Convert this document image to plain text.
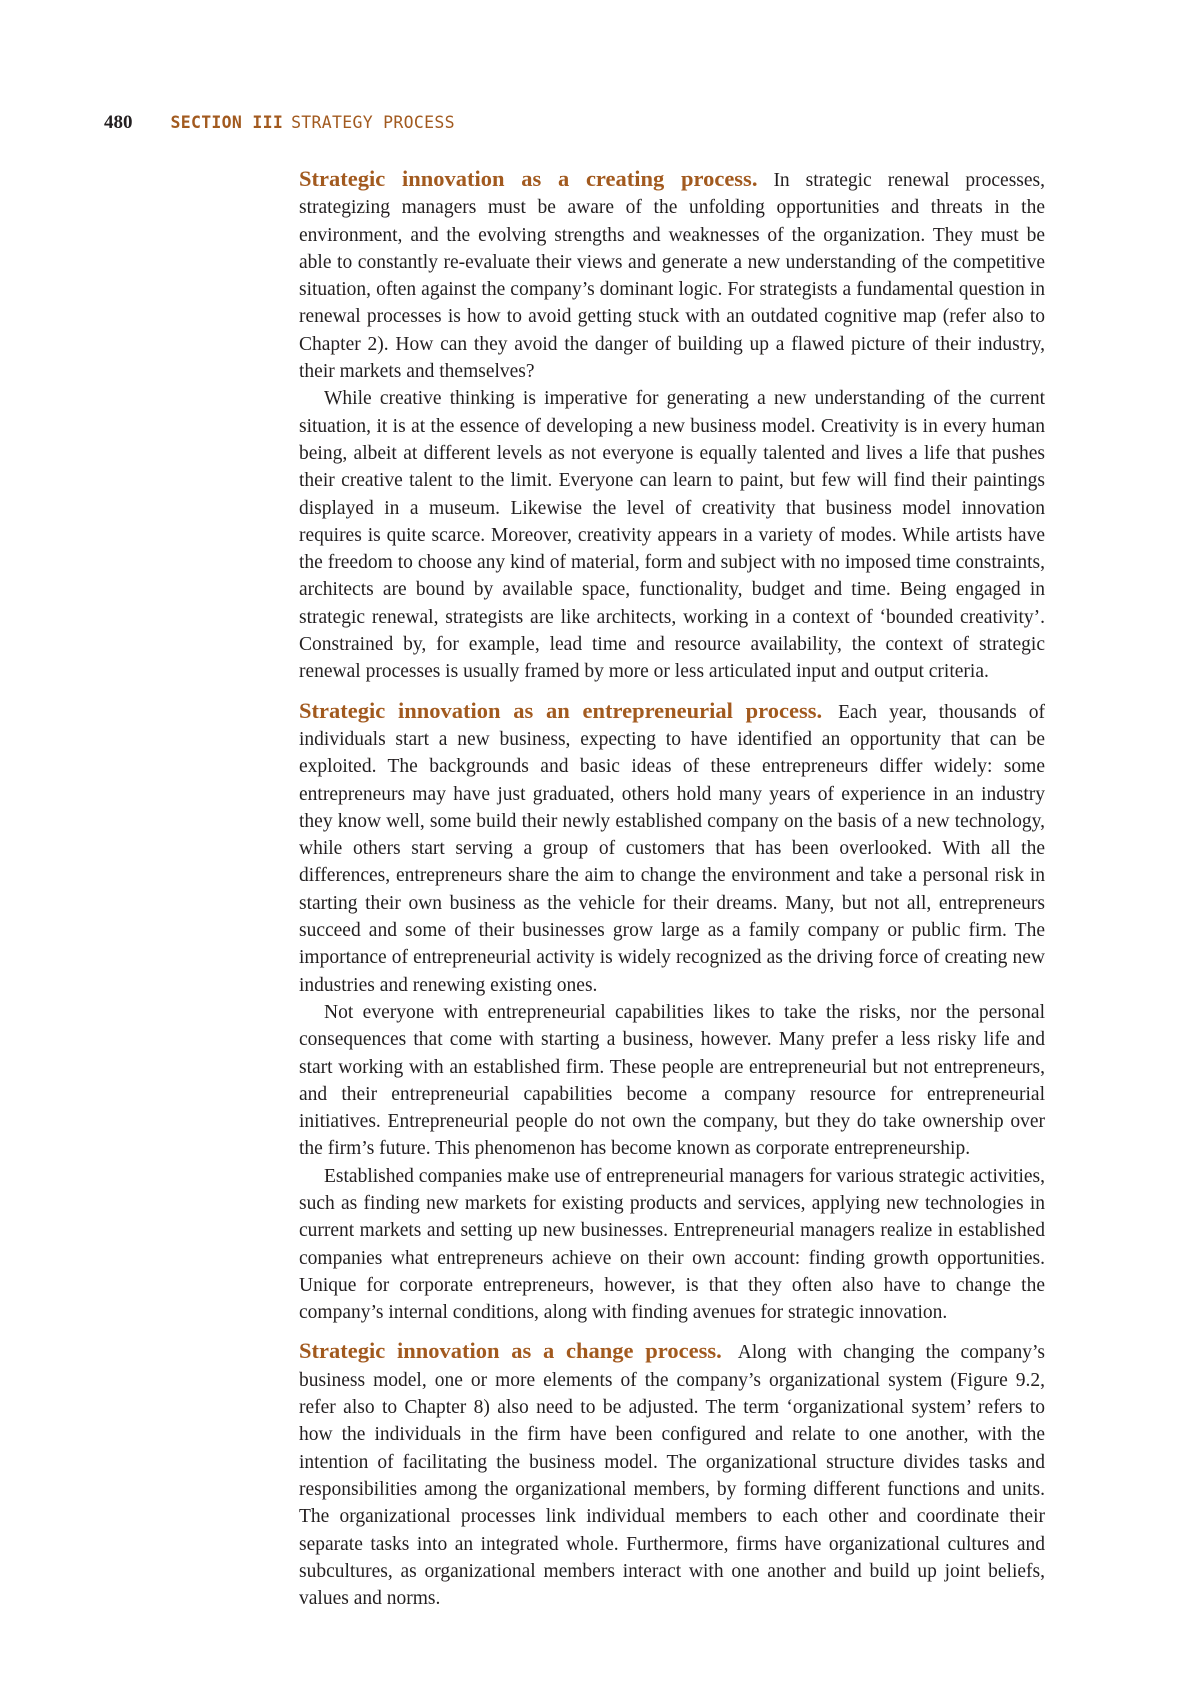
480 SECTION III STRATEGY PROCESS

Strategic innovation as a creating process. In strategic renewal processes, strategizing managers must be aware of the unfolding opportunities and threats in the environment, and the evolving strengths and weaknesses of the organization. They must be able to constantly re-evaluate their views and generate a new understanding of the competitive situation, often against the company’s dominant logic. For strategists a fundamental question in renewal processes is how to avoid getting stuck with an outdated cognitive map (refer also to Chapter 2). How can they avoid the danger of building up a flawed picture of their industry, their markets and themselves?

While creative thinking is imperative for generating a new understanding of the current situation, it is at the essence of developing a new business model. Creativity is in every human being, albeit at different levels as not everyone is equally talented and lives a life that pushes their creative talent to the limit. Everyone can learn to paint, but few will find their paintings displayed in a museum. Likewise the level of creativity that business model innovation requires is quite scarce. Moreover, creativity appears in a variety of modes. While artists have the freedom to choose any kind of material, form and subject with no imposed time constraints, architects are bound by available space, functionality, budget and time. Being engaged in strategic renewal, strategists are like architects, working in a context of ‘bounded creativity’. Constrained by, for example, lead time and resource availability, the context of strategic renewal processes is usually framed by more or less articulated input and output criteria.

Strategic innovation as an entrepreneurial process. Each year, thousands of individuals start a new business, expecting to have identified an opportunity that can be exploited. The backgrounds and basic ideas of these entrepreneurs differ widely: some entrepreneurs may have just graduated, others hold many years of experience in an industry they know well, some build their newly established company on the basis of a new technology, while others start serving a group of customers that has been overlooked. With all the differences, entrepreneurs share the aim to change the environment and take a personal risk in starting their own business as the vehicle for their dreams. Many, but not all, entrepreneurs succeed and some of their businesses grow large as a family company or public firm. The importance of entrepreneurial activity is widely recognized as the driving force of creating new industries and renewing existing ones.

Not everyone with entrepreneurial capabilities likes to take the risks, nor the personal consequences that come with starting a business, however. Many prefer a less risky life and start working with an established firm. These people are entrepreneurial but not entrepreneurs, and their entrepreneurial capabilities become a company resource for entrepreneurial initiatives. Entrepreneurial people do not own the company, but they do take ownership over the firm’s future. This phenomenon has become known as corporate entrepreneurship.

Established companies make use of entrepreneurial managers for various strategic activities, such as finding new markets for existing products and services, applying new technologies in current markets and setting up new businesses. Entrepreneurial managers realize in established companies what entrepreneurs achieve on their own account: finding growth opportunities. Unique for corporate entrepreneurs, however, is that they often also have to change the company’s internal conditions, along with finding avenues for strategic innovation.

Strategic innovation as a change process. Along with changing the company’s business model, one or more elements of the company’s organizational system (Figure 9.2, refer also to Chapter 8) also need to be adjusted. The term ‘organizational system’ refers to how the individuals in the firm have been configured and relate to one another, with the intention of facilitating the business model. The organizational structure divides tasks and responsibilities among the organizational members, by forming different functions and units. The organizational processes link individual members to each other and coordinate their separate tasks into an integrated whole. Furthermore, firms have organizational cultures and subcultures, as organizational members interact with one another and build up joint beliefs, values and norms.
